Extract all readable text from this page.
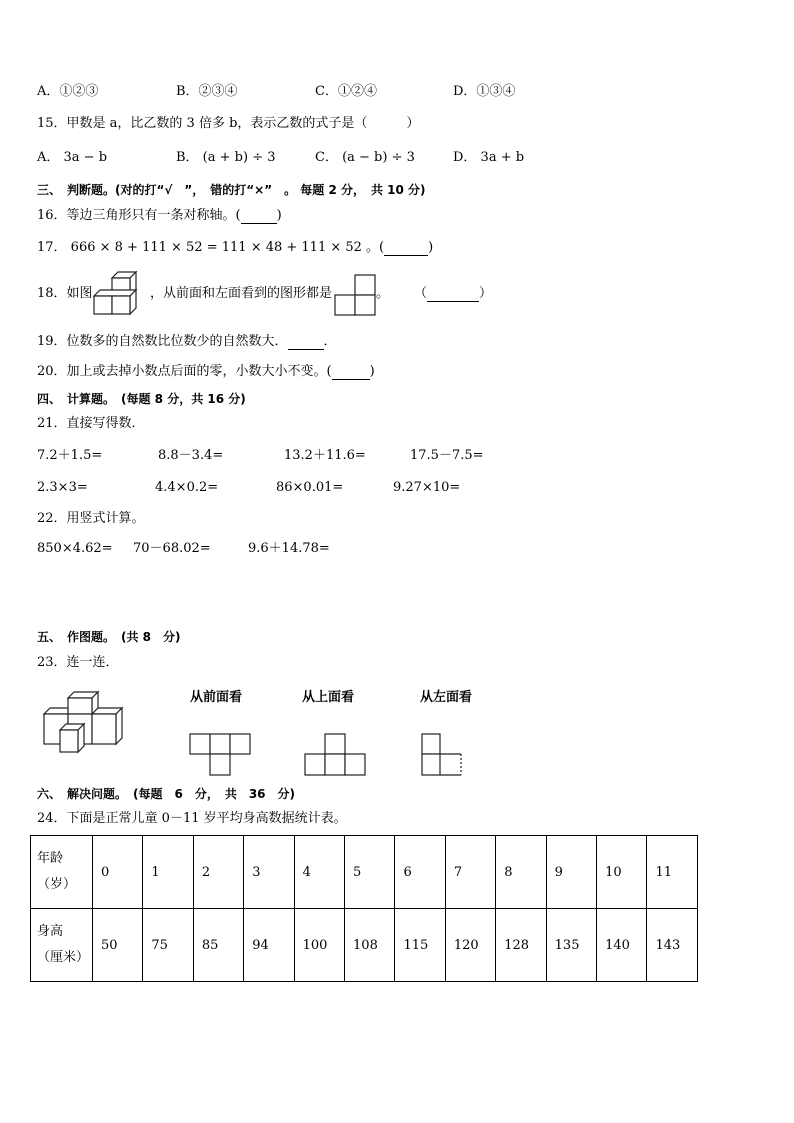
A．①②③	B．②③④	C．①②④	D．①③④
15．甲数是 a，比乙数的 3 倍多 b，表示乙数的式子是（　　　）
A． 3a − b	B． (a + b) ÷ 3	C． (a − b) ÷ 3	D． 3a + b
三、　判断题。(对的打“√　”，　错的打“×”　。 每题 2 分，　共 10 分)
16．等边三角形只有一条对称轴。(	)
17． 666 × 8 + 111 × 52 = 111 × 48 + 111 × 52 。(	)
18．如图	，从前面和左面看到的图形都是	。 （	）
19．位数多的自然数比位数少的自然数大．	．
20．加上或去掉小数点后面的零，小数大小不变。(	)
四、　计算题。　(每题 8 分，共 16 分)
21．直接写得数．
7.2＋1.5=	8.8－3.4=	13.2＋11.6=	17.5－7.5=
2.3×3=	4.4×0.2=	86×0.01=	9.27×10=
22．用竖式计算。
850×4.62= 70－68.02=	9.6＋14.78=
五、　作图题。　(共 8　分)
23．连一连．
从前面看	从上面看	从左面看
六、　解决问题。　(每题　6　分，　共　36　分)
24．下面是正常儿童 0－11 岁平均身高数据统计表。
年龄
（岁）	0	1	2	3	4	5	6	7	8	9	10	11

身高
（厘米）	50	75	85	94	100	108	115	120	128	135	140	143
